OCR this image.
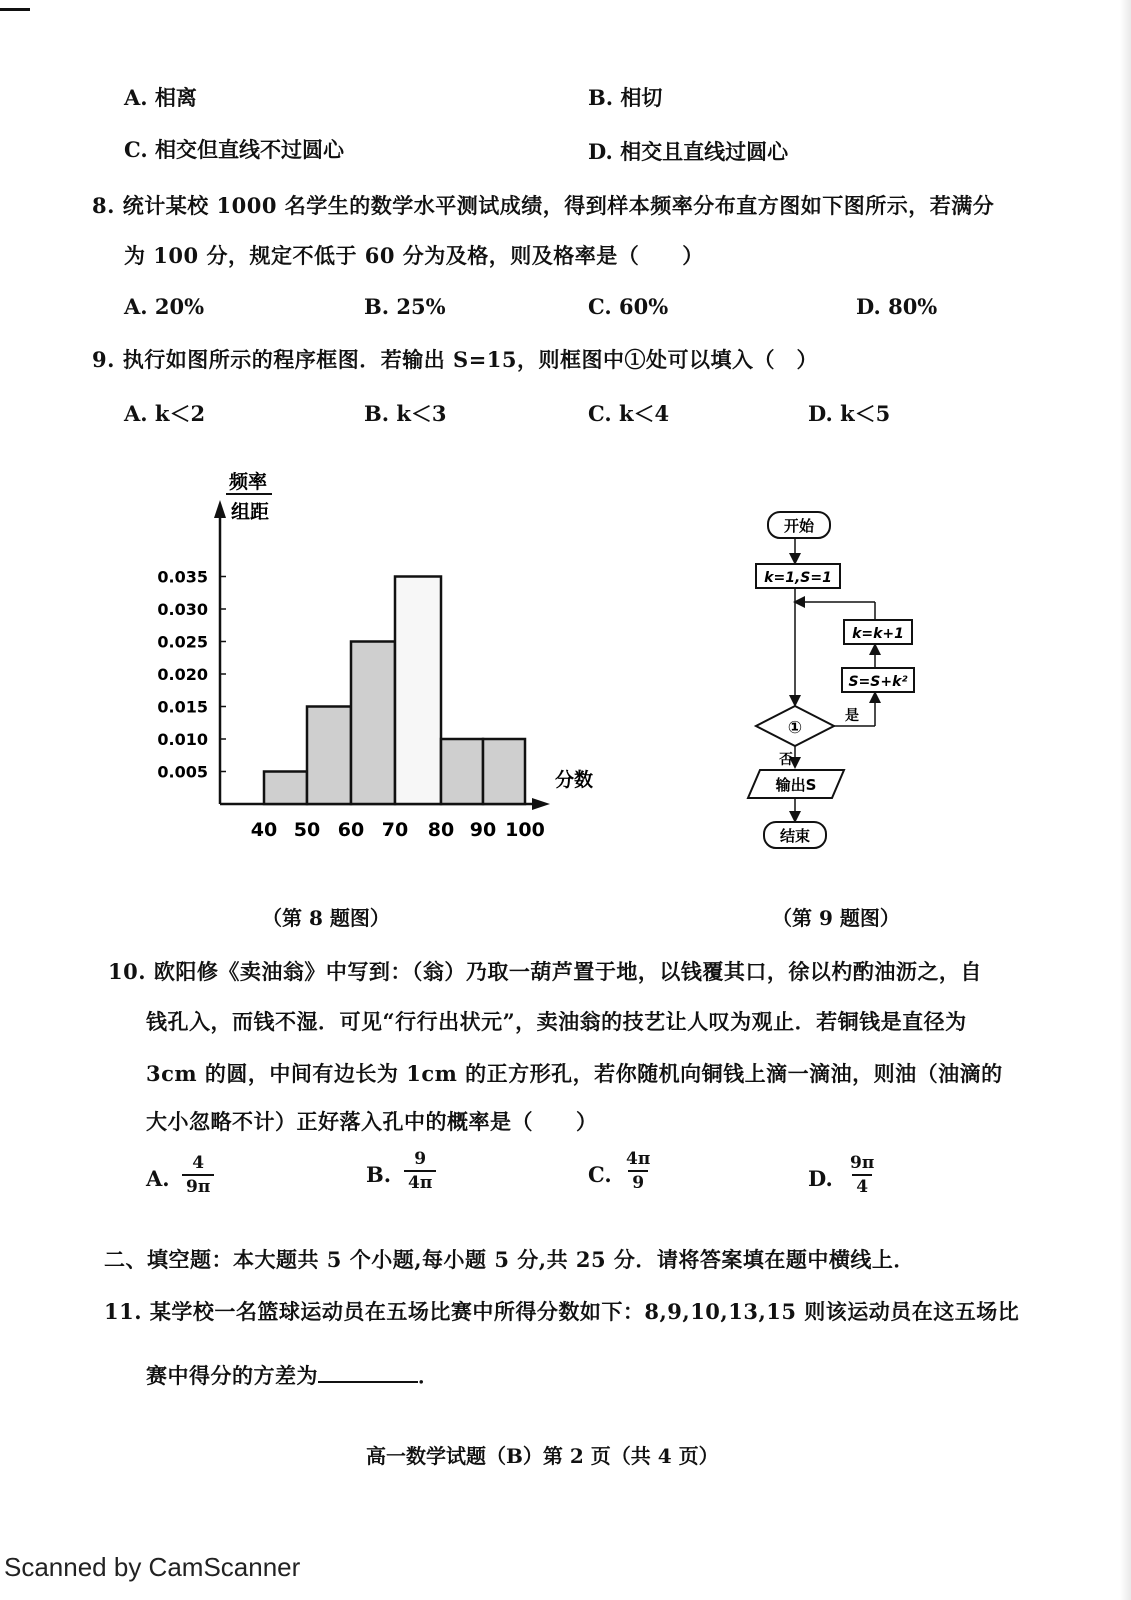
A. 相离	B. 相切
C. 相交但直线不过圆心	D. 相交且直线过圆心
8. 统计某校 1000 名学生的数学水平测试成绩，得到样本频率分布直方图如下图所示，若满分
为 100 分，规定不低于 60 分为及格，则及格率是（　　）
A. 20%	B. 25%	C. 60%	D. 80%
9. 执行如图所示的程序框图．若输出 S=15，则框图中①处可以填入（　）
A. k＜2	B. k＜3	C. k＜4	D. k＜5
频率
组距
分数
0.005
0.010
0.015
0.020
0.025
0.030
0.035
40 50 60 70 80 90 100
开始
k=1,S=1
k=k+1
S=S+k²
①
是
否
输出S
结束
（第 8 题图）	（第 9 题图）
10. 欧阳修《卖油翁》中写到：（翁）乃取一葫芦置于地，以钱覆其口，徐以杓酌油沥之，自
钱孔入，而钱不湿．可见“行行出状元”，卖油翁的技艺让人叹为观止．若铜钱是直径为
3cm 的圆，中间有边长为 1cm 的正方形孔，若你随机向铜钱上滴一滴油，则油（油滴的
大小忽略不计）正好落入孔中的概率是（　　）
A. $\frac{4}{9\pi}$	B. $\frac{9}{4\pi}$	C. $\frac{4\pi}{9}$	D. $\frac{9\pi}{4}$
二、填空题：本大题共 5 个小题,每小题 5 分,共 25 分．请将答案填在题中横线上．
11. 某学校一名篮球运动员在五场比赛中所得分数如下：8,9,10,13,15 则该运动员在这五场比
赛中得分的方差为	．
高一数学试题（B）第 2 页（共 4 页）
Scanned by CamScanner
